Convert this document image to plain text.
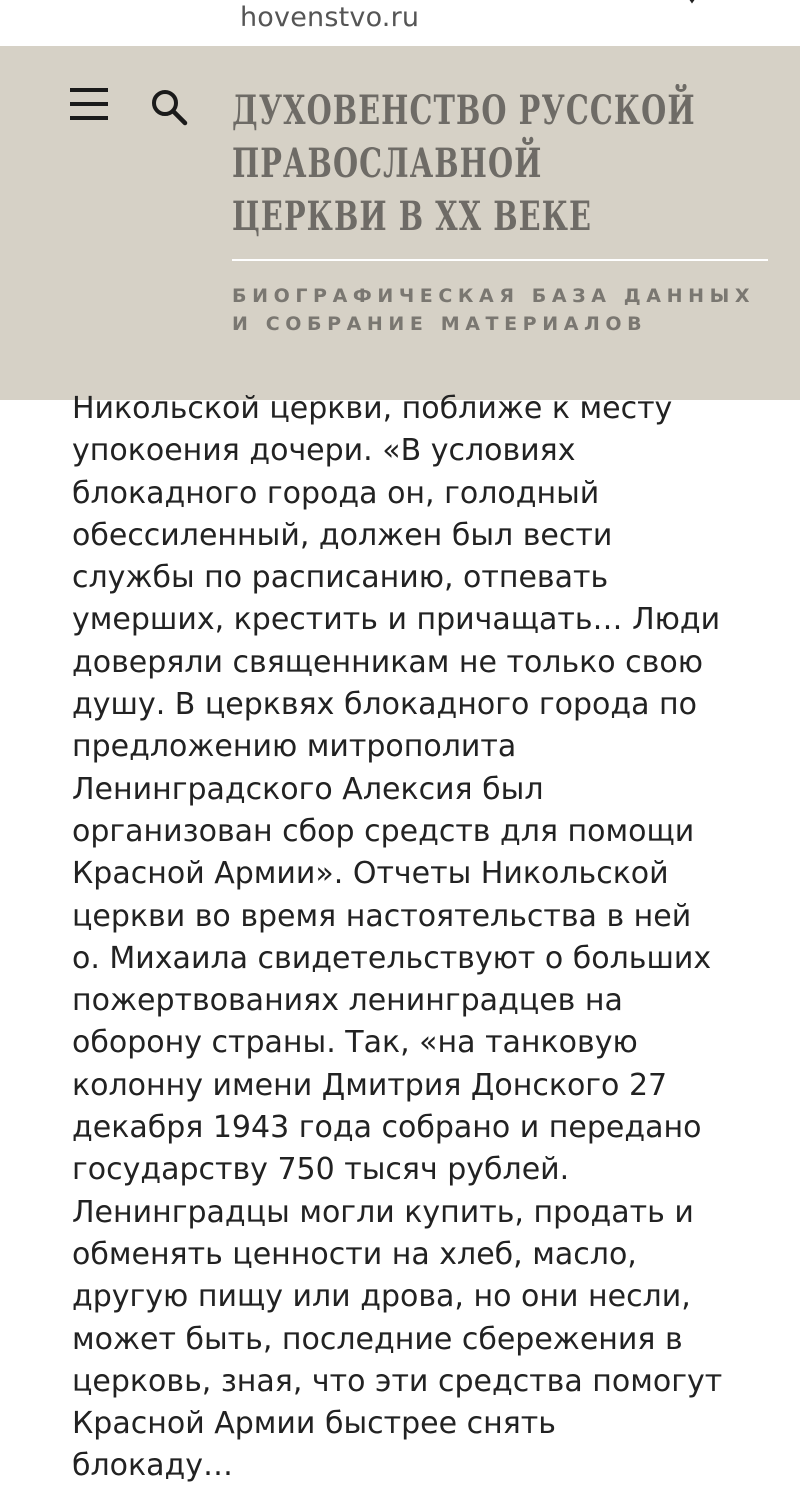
hovenstvo.ru
ДУХОВЕНСТВО РУССКОЙ
ПРАВОСЛАВНОЙ
ЦЕРКВИ В XX ВЕКЕ
БИОГРАФИЧЕСКАЯ БАЗА ДАННЫХ
И СОБРАНИЕ МАТЕРИАЛОВ
Никольской церкви, поближе к месту
упокоения дочери. «В условиях
блокадного города он, голодный
обессиленный, должен был вести
службы по расписанию, отпевать
умерших, крестить и причащать… Люди
доверяли священникам не только свою
душу. В церквях блокадного города по
предложению митрополита
Ленинградского Алексия был
организован сбор средств для помощи
Красной Армии». Отчеты Никольской
церкви во время настоятельства в ней
о. Михаила свидетельствуют о больших
пожертвованиях ленинградцев на
оборону страны. Так, «на танковую
колонну имени Дмитрия Донского 27
декабря 1943 года собрано и передано
государству 750 тысяч рублей.
Ленинградцы могли купить, продать и
обменять ценности на хлеб, масло,
другую пищу или дрова, но они несли,
может быть, последние сбережения в
церковь, зная, что эти средства помогут
Красной Армии быстрее снять
блокаду…
